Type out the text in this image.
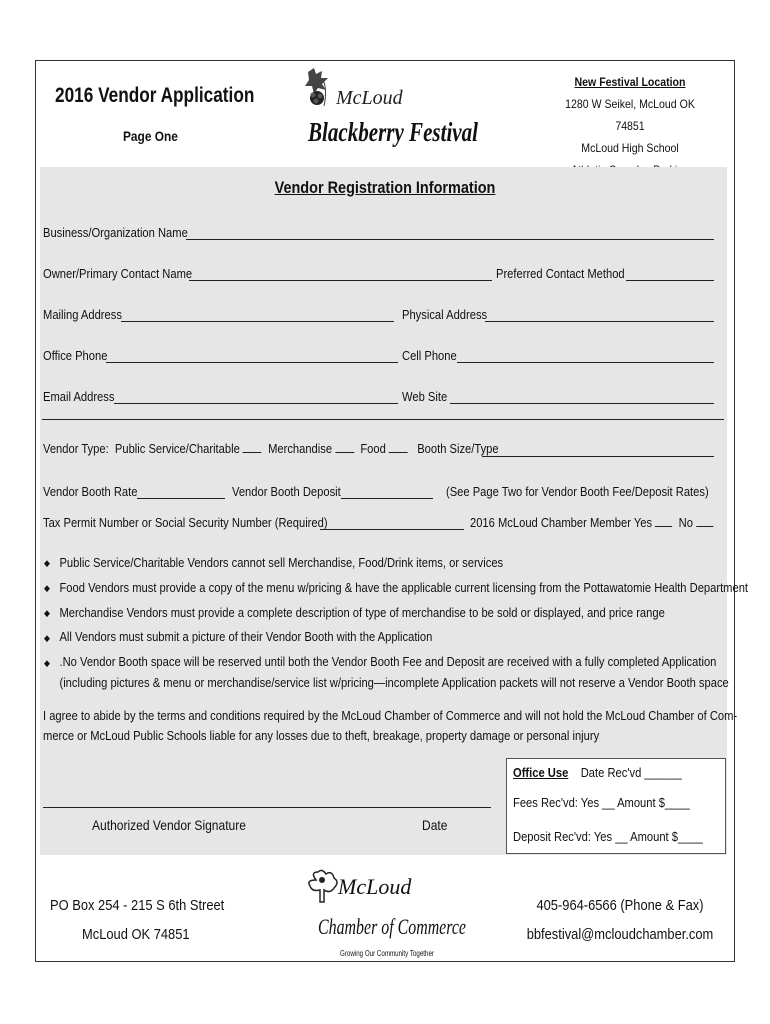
2016 Vendor Application
Page One
McLoud
Blackberry Festival
New Festival Location
1280 W Seikel, McLoud OK 74851
McLoud High School
Vendor Registration Information
Business/Organization Name
Owner/Primary Contact Name	Preferred Contact Method
Mailing Address	Physical Address
Office Phone	Cell Phone
Email Address	Web Site
Vendor Type: Public Service/Charitable Merchandise Food Booth Size/Type
Vendor Booth Rate	Vendor Booth Deposit	(See Page Two for Vendor Booth Fee/Deposit Rates)
Tax Permit Number or Social Security Number (Required)	2016 McLoud Chamber Member Yes No
◆ Public Service/Charitable Vendors cannot sell Merchandise, Food/Drink items, or services
◆ Food Vendors must provide a copy of the menu w/pricing & have the applicable current licensing from the Pottawatomie Health Department
◆ Merchandise Vendors must provide a complete description of type of merchandise to be sold or displayed, and price range
◆ All Vendors must submit a picture of their Vendor Booth with the Application
◆ .No Vendor Booth space will be reserved until both the Vendor Booth Fee and Deposit are received with a fully completed Application
(including pictures & menu or merchandise/service list w/pricing—incomplete Application packets will not reserve a Vendor Booth space
I agree to abide by the terms and conditions required by the McLoud Chamber of Commerce and will not hold the McLoud Chamber of Com-
merce or McLoud Public Schools liable for any losses due to theft, breakage, property damage or personal injury
Authorized Vendor Signature	Date
Office Use Date Rec'vd ______
Fees Rec'vd: Yes __ Amount $____
Deposit Rec'vd: Yes __ Amount $____
PO Box 254 - 215 S 6th Street
McLoud OK 74851
McLoud
Chamber of Commerce
Growing Our Community Together
405-964-6566 (Phone & Fax)
bbfestival@mcloudchamber.com
